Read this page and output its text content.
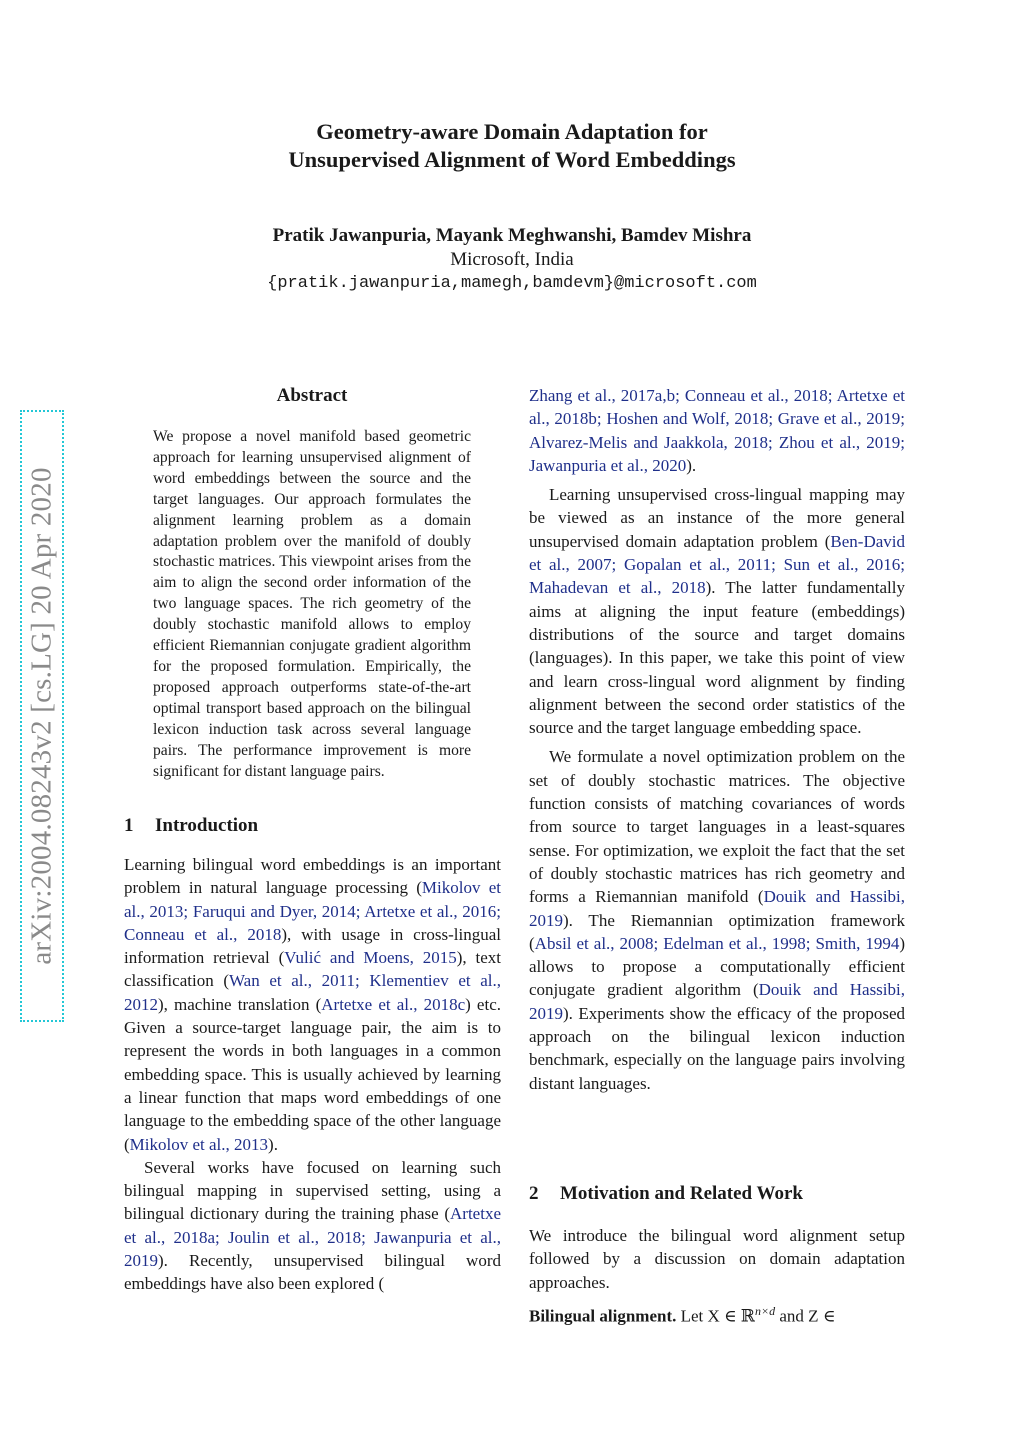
Geometry-aware Domain Adaptation for
Unsupervised Alignment of Word Embeddings
Pratik Jawanpuria, Mayank Meghwanshi, Bamdev Mishra
Microsoft, India
{pratik.jawanpuria,mamegh,bamdevm}@microsoft.com
arXiv:2004.08243v2 [cs.LG] 20 Apr 2020
Abstract
We propose a novel manifold based geometric approach for learning unsupervised alignment of word embeddings between the source and the target languages. Our approach formulates the alignment learning problem as a domain adaptation problem over the manifold of doubly stochastic matrices. This viewpoint arises from the aim to align the second order information of the two language spaces. The rich geometry of the doubly stochastic manifold allows to employ efficient Riemannian conjugate gradient algorithm for the proposed formulation. Empirically, the proposed approach outperforms state-of-the-art optimal transport based approach on the bilingual lexicon induction task across several language pairs. The performance improvement is more significant for distant language pairs.
1 Introduction

Learning bilingual word embeddings is an important problem in natural language processing (Mikolov et al., 2013; Faruqui and Dyer, 2014; Artetxe et al., 2016; Conneau et al., 2018), with usage in cross-lingual information retrieval (Vulić and Moens, 2015), text classification (Wan et al., 2011; Klementiev et al., 2012), machine translation (Artetxe et al., 2018c) etc. Given a source-target language pair, the aim is to represent the words in both languages in a common embedding space. This is usually achieved by learning a linear function that maps word embeddings of one language to the embedding space of the other language (Mikolov et al., 2013).

Several works have focused on learning such bilingual mapping in supervised setting, using a bilingual dictionary during the training phase (Artetxe et al., 2018a; Joulin et al., 2018; Jawanpuria et al., 2019). Recently, unsupervised bilingual word embeddings have also been explored (

Zhang et al., 2017a,b; Conneau et al., 2018; Artetxe et al., 2018b; Hoshen and Wolf, 2018; Grave et al., 2019; Alvarez-Melis and Jaakkola, 2018; Zhou et al., 2019; Jawanpuria et al., 2020).

Learning unsupervised cross-lingual mapping may be viewed as an instance of the more general unsupervised domain adaptation problem (Ben-David et al., 2007; Gopalan et al., 2011; Sun et al., 2016; Mahadevan et al., 2018). The latter fundamentally aims at aligning the input feature (embeddings) distributions of the source and target domains (languages). In this paper, we take this point of view and learn cross-lingual word alignment by finding alignment between the second order statistics of the source and the target language embedding space.

We formulate a novel optimization problem on the set of doubly stochastic matrices. The objective function consists of matching covariances of words from source to target languages in a least-squares sense. For optimization, we exploit the fact that the set of doubly stochastic matrices has rich geometry and forms a Riemannian manifold (Douik and Hassibi, 2019). The Riemannian optimization framework (Absil et al., 2008; Edelman et al., 1998; Smith, 1994) allows to propose a computationally efficient conjugate gradient algorithm (Douik and Hassibi, 2019). Experiments show the efficacy of the proposed approach on the bilingual lexicon induction benchmark, especially on the language pairs involving distant languages.

2 Motivation and Related Work

We introduce the bilingual word alignment setup followed by a discussion on domain adaptation approaches.

Bilingual alignment. Let X ∈ ℝ$^{n\times d}$ and Z ∈
